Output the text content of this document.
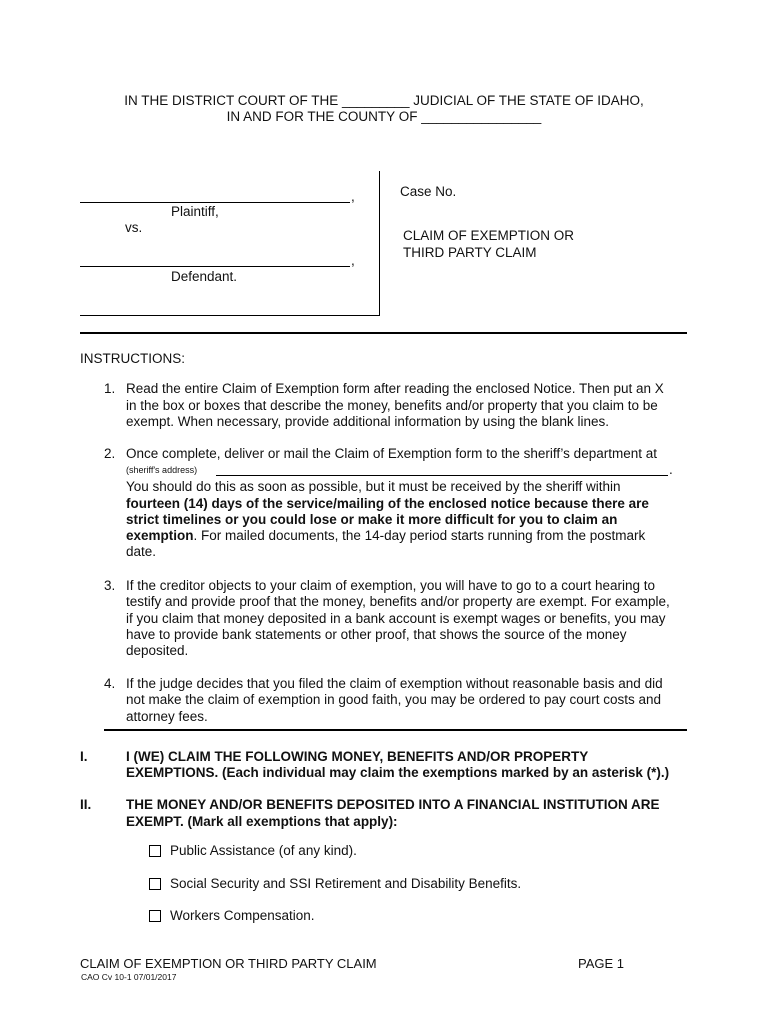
IN THE DISTRICT COURT OF THE _________ JUDICIAL OF THE STATE OF IDAHO,
IN AND FOR THE COUNTY OF ________________
,
Plaintiff,
vs.
,
Defendant.
Case No.
CLAIM OF EXEMPTION OR
THIRD PARTY CLAIM
INSTRUCTIONS:
1. Read the entire Claim of Exemption form after reading the enclosed Notice. Then put an X
in the box or boxes that describe the money, benefits and/or property that you claim to be
exempt. When necessary, provide additional information by using the blank lines.
2. Once complete, deliver or mail the Claim of Exemption form to the sheriff’s department at
(sheriff's address)	.
You should do this as soon as possible, but it must be received by the sheriff within
fourteen (14) days of the service/mailing of the enclosed notice because there are
strict timelines or you could lose or make it more difficult for you to claim an
exemption. For mailed documents, the 14-day period starts running from the postmark
date.
3. If the creditor objects to your claim of exemption, you will have to go to a court hearing to
testify and provide proof that the money, benefits and/or property are exempt. For example,
if you claim that money deposited in a bank account is exempt wages or benefits, you may
have to provide bank statements or other proof, that shows the source of the money
deposited.
4. If the judge decides that you filed the claim of exemption without reasonable basis and did
not make the claim of exemption in good faith, you may be ordered to pay court costs and
attorney fees.
I.	I (WE) CLAIM THE FOLLOWING MONEY, BENEFITS AND/OR PROPERTY
EXEMPTIONS. (Each individual may claim the exemptions marked by an asterisk (*).)
II.	THE MONEY AND/OR BENEFITS DEPOSITED INTO A FINANCIAL INSTITUTION ARE
EXEMPT. (Mark all exemptions that apply):
Public Assistance (of any kind).
Social Security and SSI Retirement and Disability Benefits.
Workers Compensation.
CLAIM OF EXEMPTION OR THIRD PARTY CLAIM	PAGE 1
CAO Cv 10-1 07/01/2017
